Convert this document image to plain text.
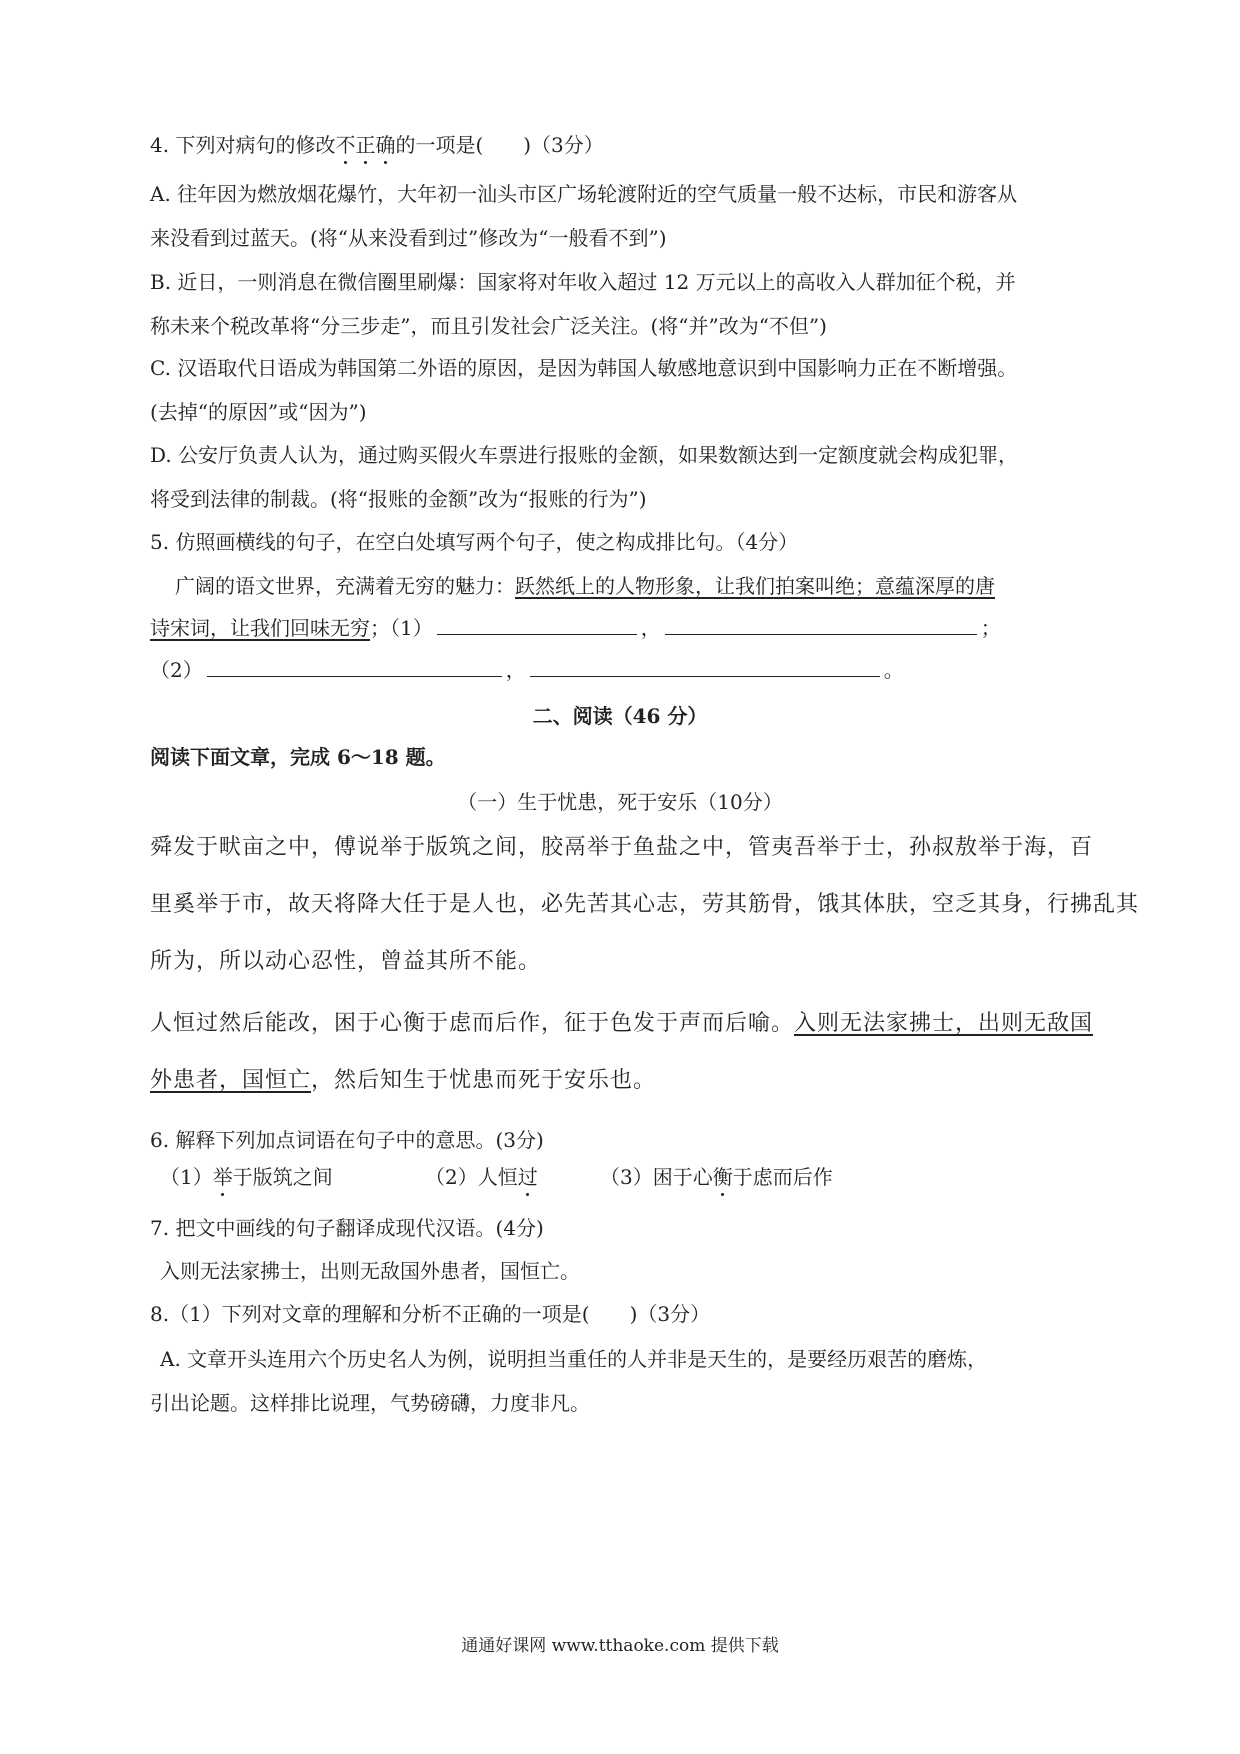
4. 下列对病句的修改不正确的一项是(　　)（3分）
A. 往年因为燃放烟花爆竹，大年初一汕头市区广场轮渡附近的空气质量一般不达标，市民和游客从
来没看到过蓝天。(将“从来没看到过”修改为“一般看不到”)
B. 近日，一则消息在微信圈里刷爆：国家将对年收入超过 12 万元以上的高收入人群加征个税，并
称未来个税改革将“分三步走”，而且引发社会广泛关注。(将“并”改为“不但”)
C. 汉语取代日语成为韩国第二外语的原因，是因为韩国人敏感地意识到中国影响力正在不断增强。
(去掉“的原因”或“因为”)
D. 公安厅负责人认为，通过购买假火车票进行报账的金额，如果数额达到一定额度就会构成犯罪，
将受到法律的制裁。(将“报账的金额”改为“报账的行为”)
5. 仿照画横线的句子，在空白处填写两个句子，使之构成排比句。（4分）
广阔的语文世界，充满着无穷的魅力：跃然纸上的人物形象，让我们拍案叫绝；意蕴深厚的唐
诗宋词，让我们回味无穷；（1）	，	；
（2）	，	。
二、阅读（46 分）
阅读下面文章，完成 6～18 题。
（一）生于忧患，死于安乐（10分）
舜发于畎亩之中，傅说举于版筑之间，胶鬲举于鱼盐之中，管夷吾举于士，孙叔敖举于海，百
里奚举于市，故天将降大任于是人也，必先苦其心志，劳其筋骨，饿其体肤，空乏其身，行拂乱其
所为，所以动心忍性，曾益其所不能。
人恒过然后能改，困于心衡于虑而后作，征于色发于声而后喻。入则无法家拂士，出则无敌国
外患者，国恒亡，然后知生于忧患而死于安乐也。
6. 解释下列加点词语在句子中的意思。(3分)
（1）举于版筑之间	（2）人恒过	（3）困于心衡于虑而后作
7. 把文中画线的句子翻译成现代汉语。(4分)
入则无法家拂士，出则无敌国外患者，国恒亡。
8.（1）下列对文章的理解和分析不正确的一项是(　　)（3分）
A. 文章开头连用六个历史名人为例，说明担当重任的人并非是天生的，是要经历艰苦的磨炼，
引出论题。这样排比说理，气势磅礴，力度非凡。
通通好课网 www.tthaoke.com 提供下载
